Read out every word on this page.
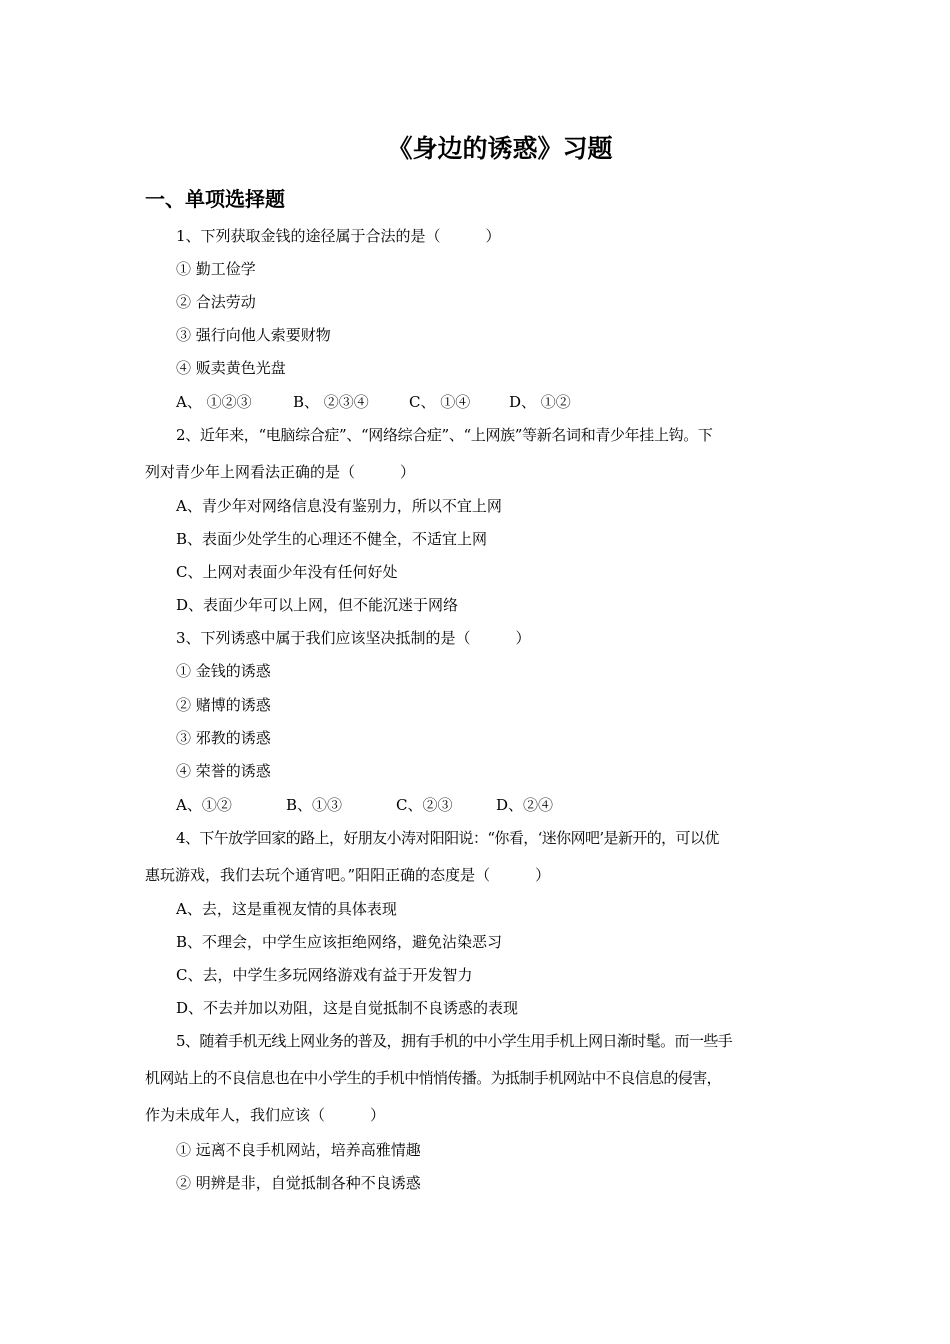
《身边的诱惑》习题
一、单项选择题
1、下列获取金钱的途径属于合法的是（　　　）
① 勤工俭学
② 合法劳动
③ 强行向他人索要财物
④ 贩卖黄色光盘
A、 ①②③	B、 ②③④	C、 ①④	D、 ①②
2、近年来，“电脑综合症”、“网络综合症”、“上网族”等新名词和青少年挂上钩。下
列对青少年上网看法正确的是（　　　）
A、青少年对网络信息没有鉴别力，所以不宜上网
B、表面少处学生的心理还不健全，不适宜上网
C、上网对表面少年没有任何好处
D、表面少年可以上网，但不能沉迷于网络
3、下列诱惑中属于我们应该坚决抵制的是（　　　）
① 金钱的诱惑
② 赌博的诱惑
③ 邪教的诱惑
④ 荣誉的诱惑
A、①②	B、①③	C、②③	D、②④
4、下午放学回家的路上，好朋友小涛对阳阳说：“你看，‘迷你网吧’是新开的，可以优
惠玩游戏，我们去玩个通宵吧。”阳阳正确的态度是（　　　）
A、去，这是重视友情的具体表现
B、不理会，中学生应该拒绝网络，避免沾染恶习
C、去，中学生多玩网络游戏有益于开发智力
D、不去并加以劝阻，这是自觉抵制不良诱惑的表现
5、随着手机无线上网业务的普及，拥有手机的中小学生用手机上网日渐时髦。而一些手
机网站上的不良信息也在中小学生的手机中悄悄传播。为抵制手机网站中不良信息的侵害，
作为未成年人，我们应该（　　　）
① 远离不良手机网站，培养高雅情趣
② 明辨是非，自觉抵制各种不良诱惑
